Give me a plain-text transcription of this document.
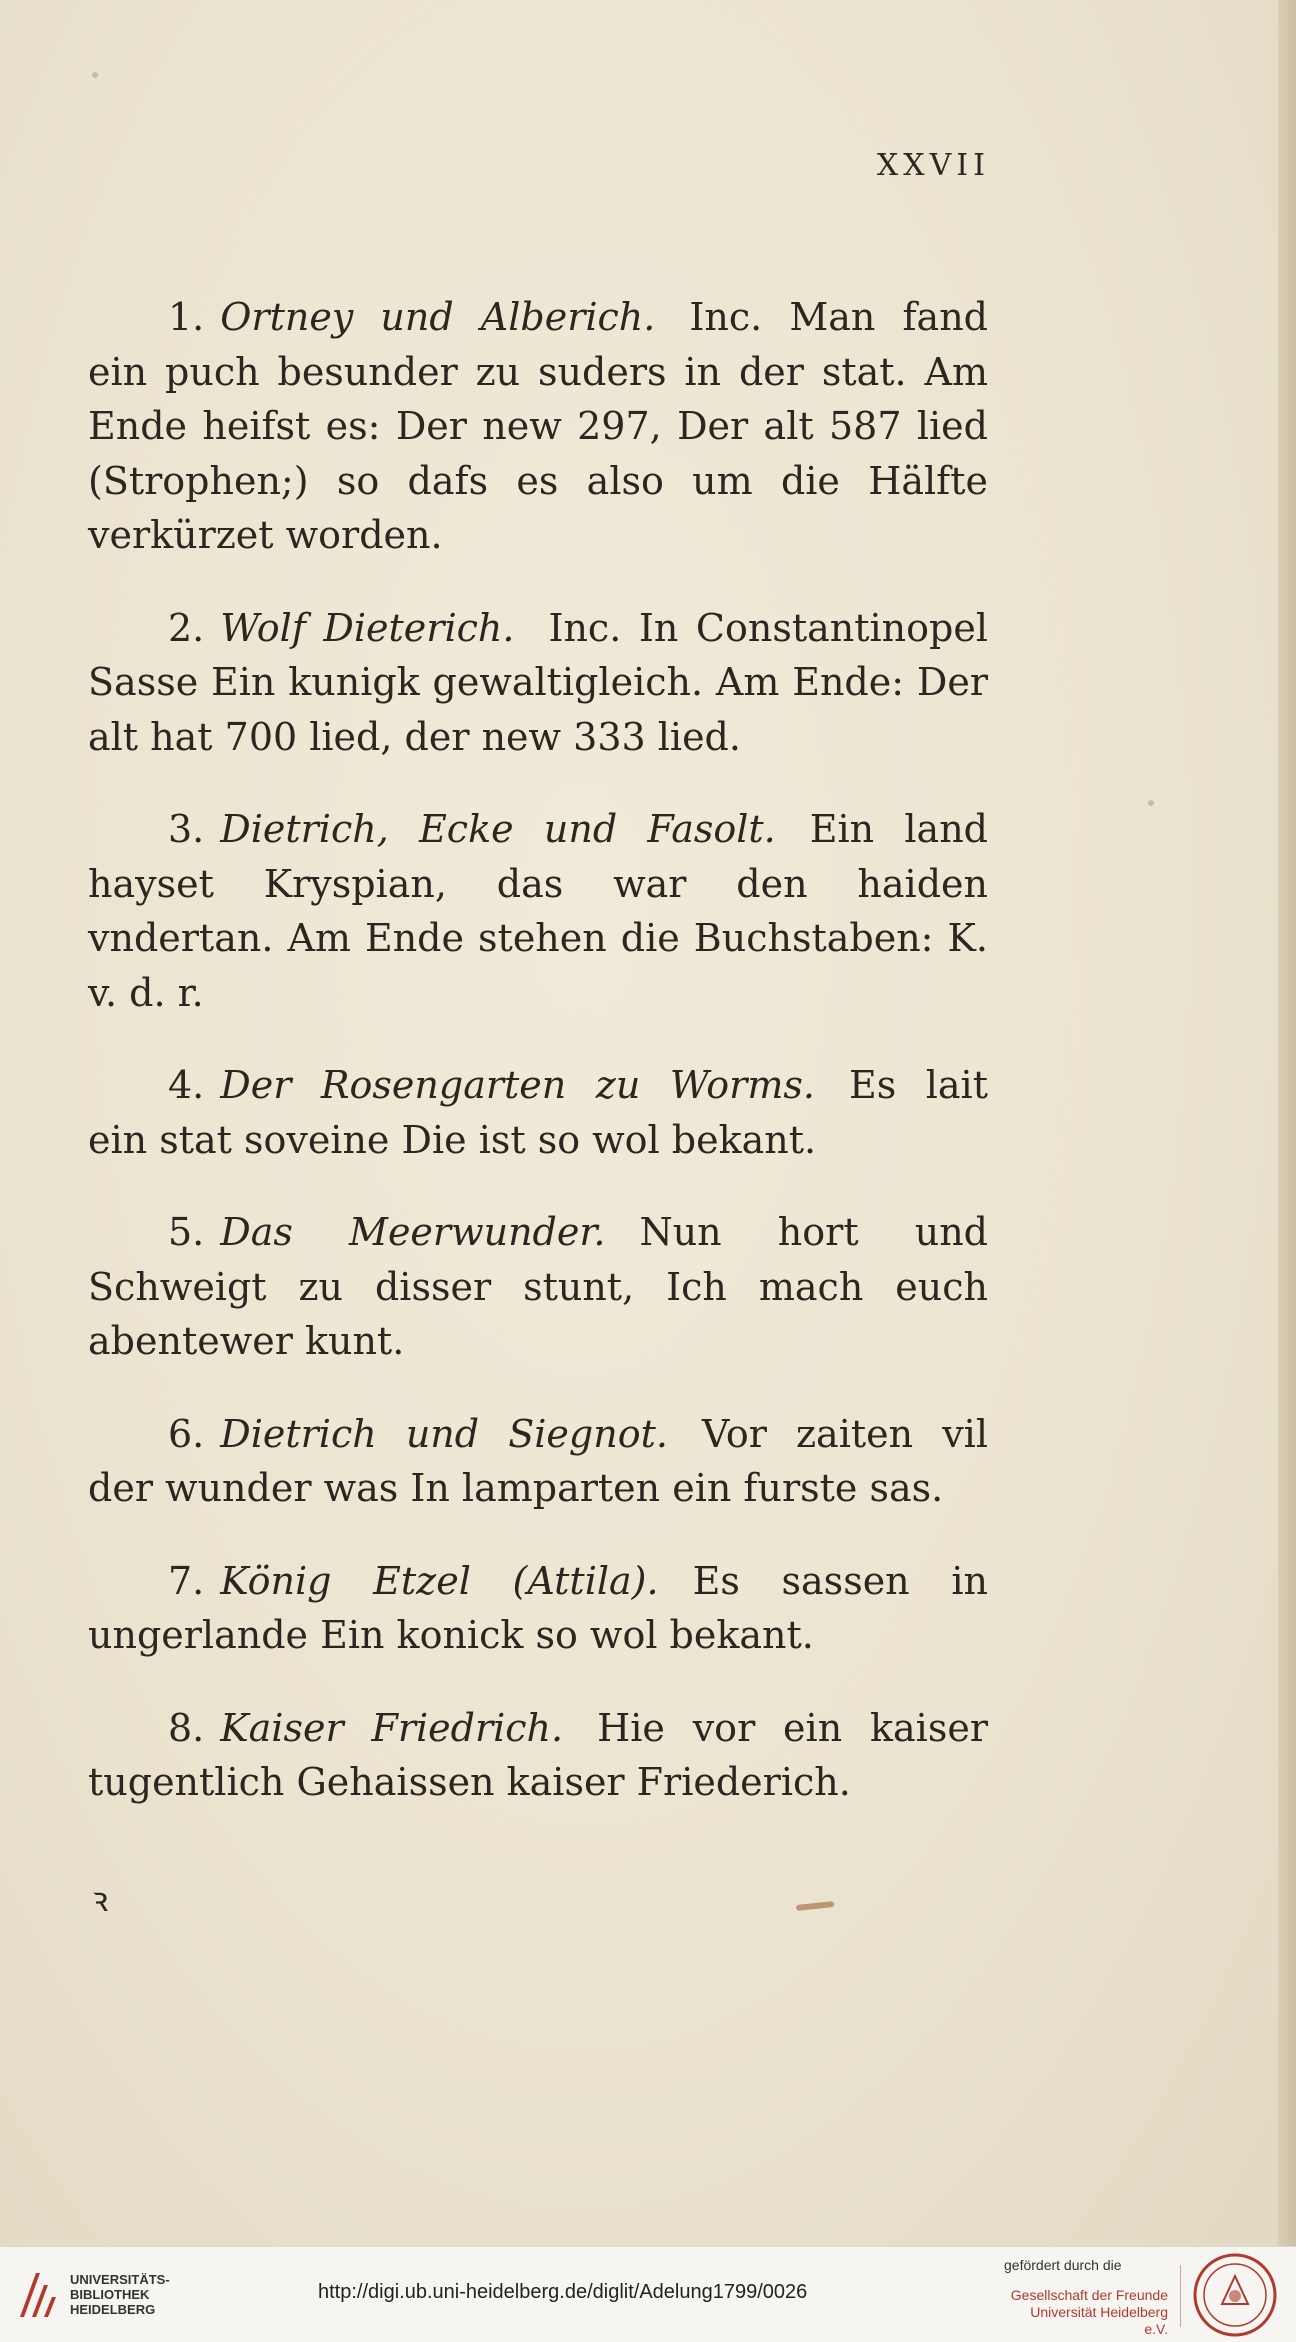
XXVII

1. Ortney und Alberich. Inc. Man fand ein puch besunder zu suders in der stat. Am Ende heifst es: Der new 297, Der alt 587 lied (Strophen;) so dafs es also um die Hälfte verkürzet worden.

2. Wolf Dieterich. Inc. In Constantinopel Sasse Ein kunigk gewaltigleich. Am Ende: Der alt hat 700 lied, der new 333 lied.

3. Dietrich, Ecke und Fasolt. Ein land hayset Kryspian, das war den haiden vndertan. Am Ende stehen die Buchstaben: K. v. d. r.

4. Der Rosengarten zu Worms. Es lait ein stat soveine Die ist so wol bekant.

5. Das Meerwunder. Nun hort und Schweigt zu disser stunt, Ich mach euch abentewer kunt.

6. Dietrich und Siegnot. Vor zaiten vil der wunder was In lamparten ein furste sas.

7. König Etzel (Attila). Es sassen in ungerlande Ein konick so wol bekant.

8. Kaiser Friedrich. Hie vor ein kaiser tugentlich Gehaissen kaiser Friederich.

ꝛ
UNIVERSITÄTS-
BIBLIOTHEK
HEIDELBERG
http://digi.ub.uni-heidelberg.de/diglit/Adelung1799/0026
gefördert durch die
Gesellschaft der Freunde
Universität Heidelberg e.V.
